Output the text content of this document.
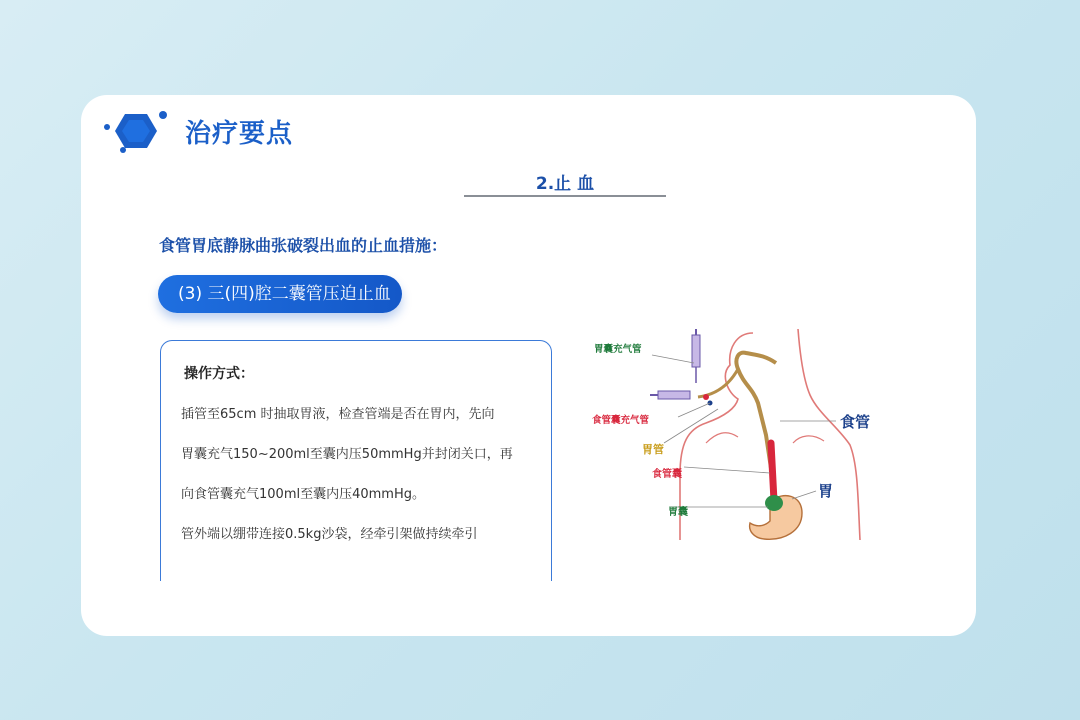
治疗要点
2.止 血
食管胃底静脉曲张破裂出血的止血措施：
(3) 三(四)腔二囊管压迫止血
操作方式：
插管至65cm 时抽取胃液，检查管端是否在胃内，先向
胃囊充气150~200ml至囊内压50mmHg并封闭关口，再
向食管囊充气100ml至囊内压40mmHg。
管外端以绷带连接0.5kg沙袋，经牵引架做持续牵引
胃囊充气管
食管囊充气管
胃管
食管囊
胃囊
食管
胃
